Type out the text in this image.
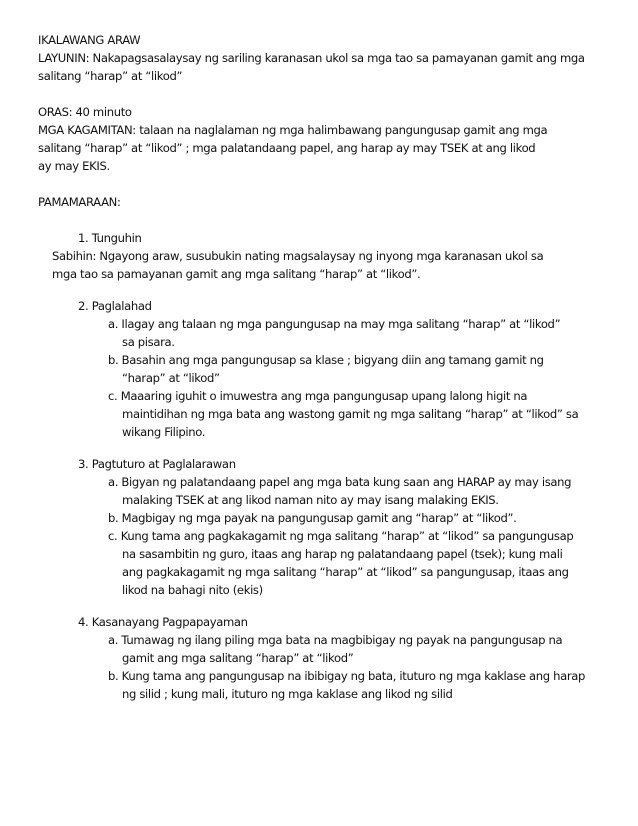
IKALAWANG ARAW
LAYUNIN: Nakapagsasalaysay ng sariling karanasan ukol sa mga tao sa pamayanan gamit ang mga
salitang “harap” at “likod”
ORAS: 40 minuto
MGA KAGAMITAN: talaan na naglalaman ng mga halimbawang pangungusap gamit ang mga
salitang “harap” at “likod” ; mga palatandaang papel, ang harap ay may TSEK at ang likod
ay may EKIS.
PAMAMARAAN:
1. Tunguhin
Sabihin: Ngayong araw, susubukin nating magsalaysay ng inyong mga karanasan ukol sa
mga tao sa pamayanan gamit ang mga salitang “harap” at “likod”.
2. Paglalahad
a. Ilagay ang talaan ng mga pangungusap na may mga salitang “harap” at “likod”
sa pisara.
b. Basahin ang mga pangungusap sa klase ; bigyang diin ang tamang gamit ng
“harap” at “likod”
c. Maaaring iguhit o imuwestra ang mga pangungusap upang lalong higit na
maintidihan ng mga bata ang wastong gamit ng mga salitang “harap” at “likod” sa
wikang Filipino.
3. Pagtuturo at Paglalarawan
a. Bigyan ng palatandaang papel ang mga bata kung saan ang HARAP ay may isang
malaking TSEK at ang likod naman nito ay may isang malaking EKIS.
b. Magbigay ng mga payak na pangungusap gamit ang “harap” at “likod”.
c. Kung tama ang pagkakagamit ng mga salitang “harap” at “likod” sa pangungusap
na sasambitin ng guro, itaas ang harap ng palatandaang papel (tsek); kung mali
ang pagkakagamit ng mga salitang “harap” at “likod” sa pangungusap, itaas ang
likod na bahagi nito (ekis)
4. Kasanayang Pagpapayaman
a. Tumawag ng ilang piling mga bata na magbibigay ng payak na pangungusap na
gamit ang mga salitang “harap” at “likod”
b. Kung tama ang pangungusap na ibibigay ng bata, ituturo ng mga kaklase ang harap
ng silid ; kung mali, ituturo ng mga kaklase ang likod ng silid
